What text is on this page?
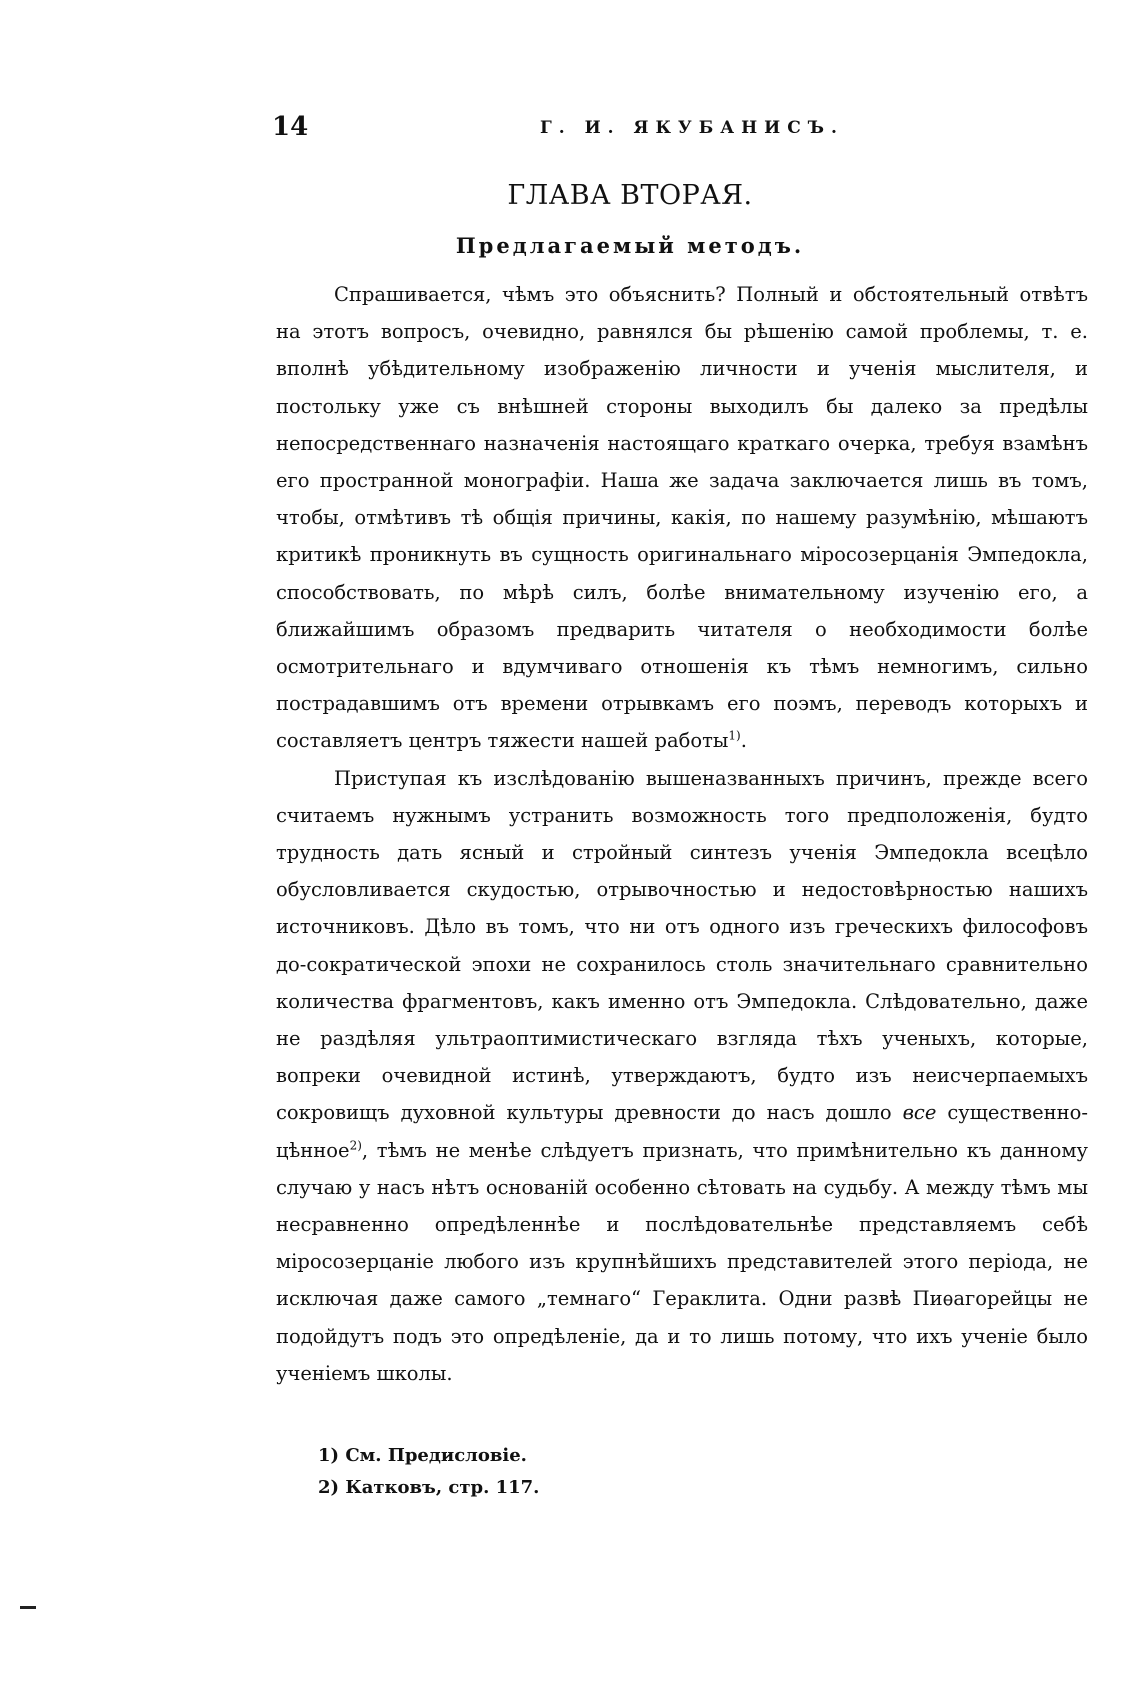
14	Г. И. ЯКУБАНИСЪ.
ГЛАВА ВТОРАЯ.
Предлагаемый методъ.

Спрашивается, чѣмъ это объяснить? Полный и обстоятельный отвѣтъ на этотъ вопросъ, очевидно, равнялся бы рѣшенію самой проблемы, т. е. вполнѣ убѣдительному изображенію личности и ученія мыслителя, и постольку уже съ внѣшней стороны выходилъ бы далеко за предѣлы непосредственнаго назначенія настоящаго краткаго очерка, требуя взамѣнъ его пространной монографіи. Наша же задача заключается лишь въ томъ, чтобы, отмѣтивъ тѣ общія причины, какія, по нашему разумѣнію, мѣшаютъ критикѣ проникнуть въ сущность оригинальнаго міросозерцанія Эмпедокла, способствовать, по мѣрѣ силъ, болѣе внимательному изученію его, а ближайшимъ образомъ предварить читателя о необходимости болѣе осмотрительнаго и вдумчиваго отношенія къ тѣмъ немногимъ, сильно пострадавшимъ отъ времени отрывкамъ его поэмъ, переводъ которыхъ и составляетъ центръ тяжести нашей работы$^{1)}$.

Приступая къ изслѣдованію вышеназванныхъ причинъ, прежде всего считаемъ нужнымъ устранить возможность того предположенія, будто трудность дать ясный и стройный синтезъ ученія Эмпедокла всецѣло обусловливается скудостью, отрывочностью и недостовѣрностью нашихъ источниковъ. Дѣло въ томъ, что ни отъ одного изъ греческихъ философовъ до-сократической эпохи не сохранилось столь значительнаго сравнительно количества фрагментовъ, какъ именно отъ Эмпедокла. Слѣдовательно, даже не раздѣляя ультраоптимистическаго взгляда тѣхъ ученыхъ, которые, вопреки очевидной истинѣ, утверждаютъ, будто изъ неисчерпаемыхъ сокровищъ духовной культуры древности до насъ дошло все существенно-цѣнное$^{2)}$, тѣмъ не менѣе слѣдуетъ признать, что примѣнительно къ данному случаю у насъ нѣтъ основаній особенно сѣтовать на судьбу. А между тѣмъ мы несравненно опредѣленнѣе и послѣдовательнѣе представляемъ себѣ міросозерцаніе любого изъ крупнѣйшихъ представителей этого періода, не исключая даже самого „темнаго“ Гераклита. Одни развѣ Пиѳагорейцы не подойдутъ подъ это опредѣленіе, да и то лишь потому, что ихъ ученіе было ученіемъ школы.

1) См. Предисловіе.
2) Катковъ, стр. 117.
